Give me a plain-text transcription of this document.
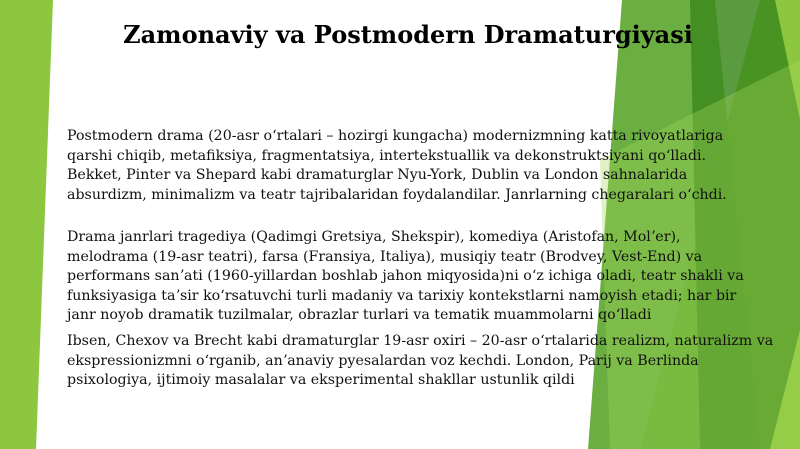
Zamonaviy va Postmodern Dramaturgiyasi
Postmodern drama (20-asr oʻrtalari – hozirgi kungacha) modernizmning katta rivoyatlariga
qarshi chiqib, metafiksiya, fragmentatsiya, intertekstuallik va dekonstruktsiyani qoʻlladi.
Bekket, Pinter va Shepard kabi dramaturglar Nyu-York, Dublin va London sahnalarida
absurdizm, minimalizm va teatr tajribalaridan foydalandilar. Janrlarning chegaralari oʻchdi.
Drama janrlari tragediya (Qadimgi Gretsiya, Shekspir), komediya (Aristofan, Molʼer),
melodrama (19-asr teatri), farsa (Fransiya, Italiya), musiqiy teatr (Brodvey, Vest-End) va
performans sanʼati (1960-yillardan boshlab jahon miqyosida)ni oʻz ichiga oladi, teatr shakli va
funksiyasiga taʼsir koʻrsatuvchi turli madaniy va tarixiy kontekstlarni namoyish etadi; har bir
janr noyob dramatik tuzilmalar, obrazlar turlari va tematik muammolarni qoʻlladi
Ibsen, Chexov va Brecht kabi dramaturglar 19-asr oxiri – 20-asr oʻrtalarida realizm, naturalizm va
ekspressionizmni oʻrganib, anʼanaviy pyesalardan voz kechdi. London, Parij va Berlinda
psixologiya, ijtimoiy masalalar va eksperimental shakllar ustunlik qildi
